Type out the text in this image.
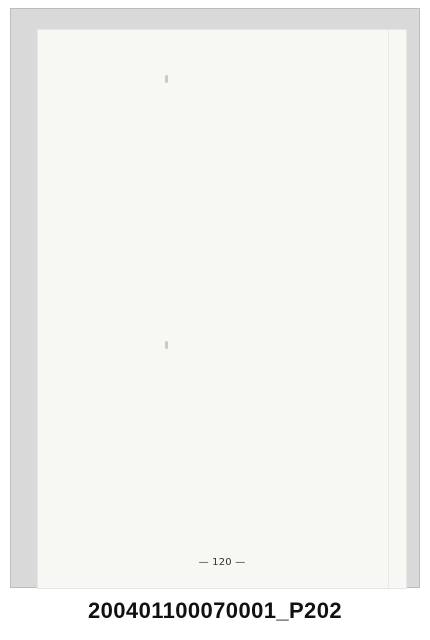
— 120 —
200401100070001_P202
